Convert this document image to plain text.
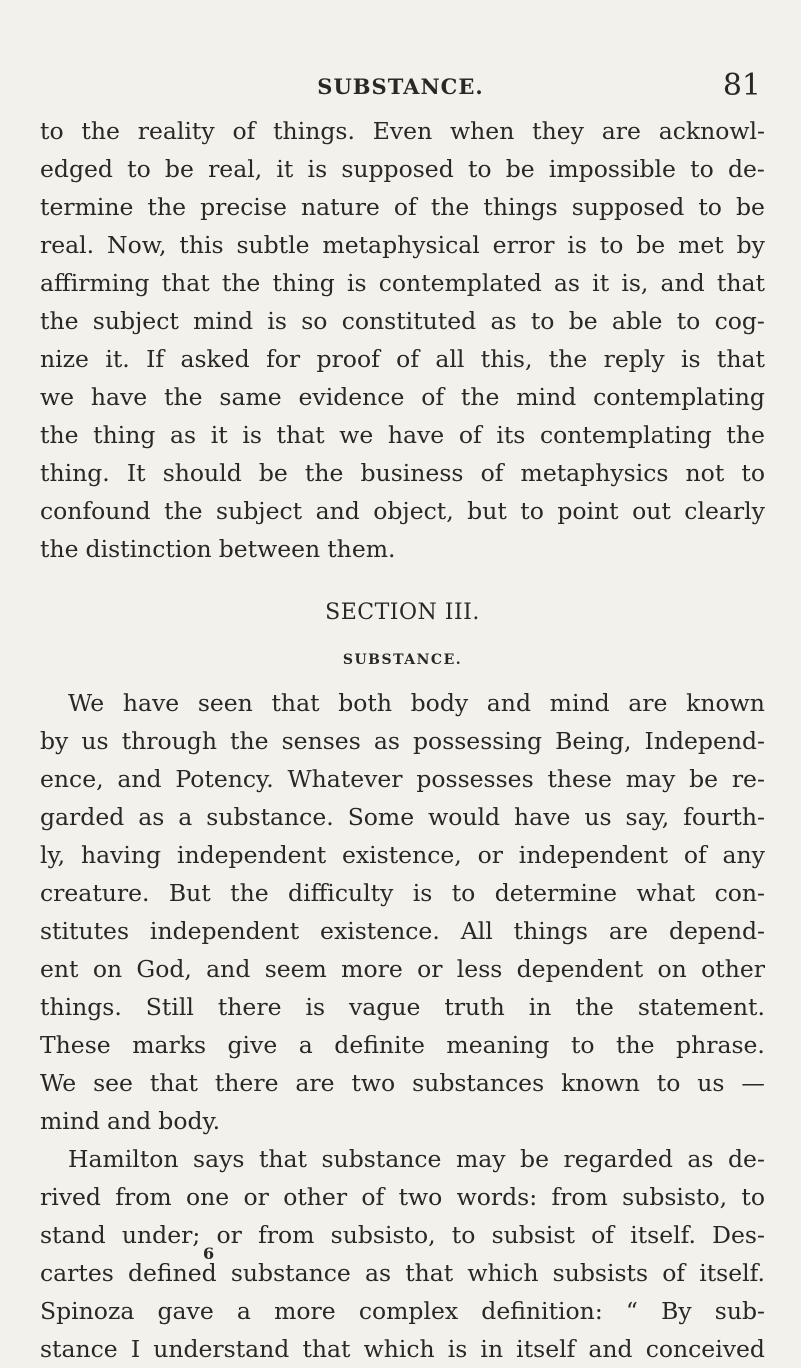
SUBSTANCE.	81
to the reality of things. Even when they are acknowl-
edged to be real, it is supposed to be impossible to de-
termine the precise nature of the things supposed to be
real. Now, this subtle metaphysical error is to be met by
affirming that the thing is contemplated as it is, and that
the subject mind is so constituted as to be able to cog-
nize it. If asked for proof of all this, the reply is that
we have the same evidence of the mind contemplating
the thing as it is that we have of its contemplating the
thing. It should be the business of metaphysics not to
confound the subject and object, but to point out clearly
the distinction between them.
SECTION III.
SUBSTANCE.
We have seen that both body and mind are known
by us through the senses as possessing Being, Independ-
ence, and Potency. Whatever possesses these may be re-
garded as a substance. Some would have us say, fourth-
ly, having independent existence, or independent of any
creature. But the difficulty is to determine what con-
stitutes independent existence. All things are depend-
ent on God, and seem more or less dependent on other
things. Still there is vague truth in the statement.
These marks give a definite meaning to the phrase.
We see that there are two substances known to us —
mind and body.
Hamilton says that substance may be regarded as de-
rived from one or other of two words: from subsisto, to
stand under; or from subsisto, to subsist of itself. Des-
cartes defined substance as that which subsists of itself.
Spinoza gave a more complex definition: “ By sub-
stance I understand that which is in itself and conceived
6
